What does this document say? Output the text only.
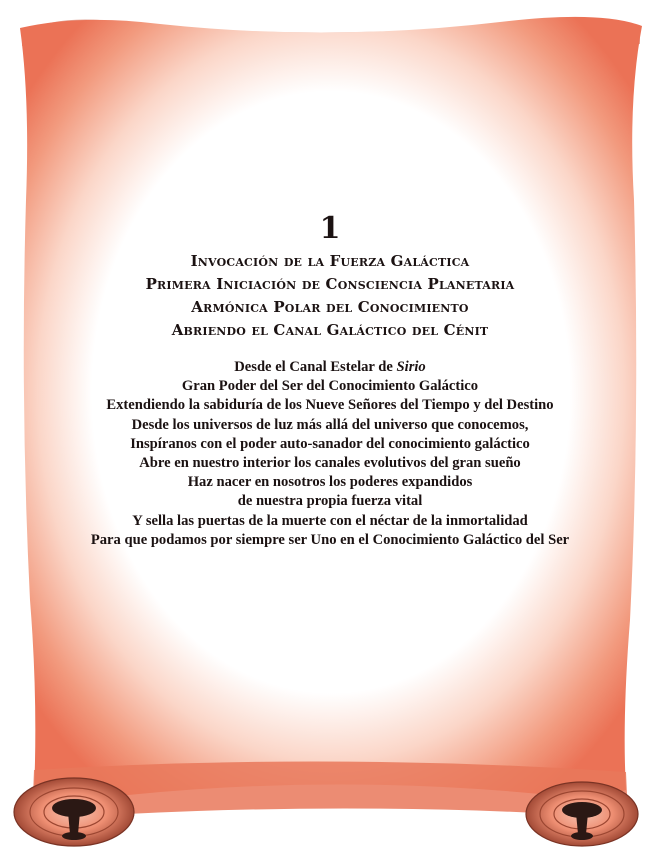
1
Invocación de la Fuerza Galáctica
Primera Iniciación de Consciencia Planetaria
Armónica Polar del Conocimiento
Abriendo el Canal Galáctico del Cénit
Desde el Canal Estelar de Sirio
Gran Poder del Ser del Conocimiento Galáctico
Extendiendo la sabiduría de los Nueve Señores del Tiempo y del Destino
Desde los universos de luz más allá del universo que conocemos,
Inspíranos con el poder auto-sanador del conocimiento galáctico
Abre en nuestro interior los canales evolutivos del gran sueño
Haz nacer en nosotros los poderes expandidos
de nuestra propia fuerza vital
Y sella las puertas de la muerte con el néctar de la inmortalidad
Para que podamos por siempre ser Uno en el Conocimiento Galáctico del Ser
